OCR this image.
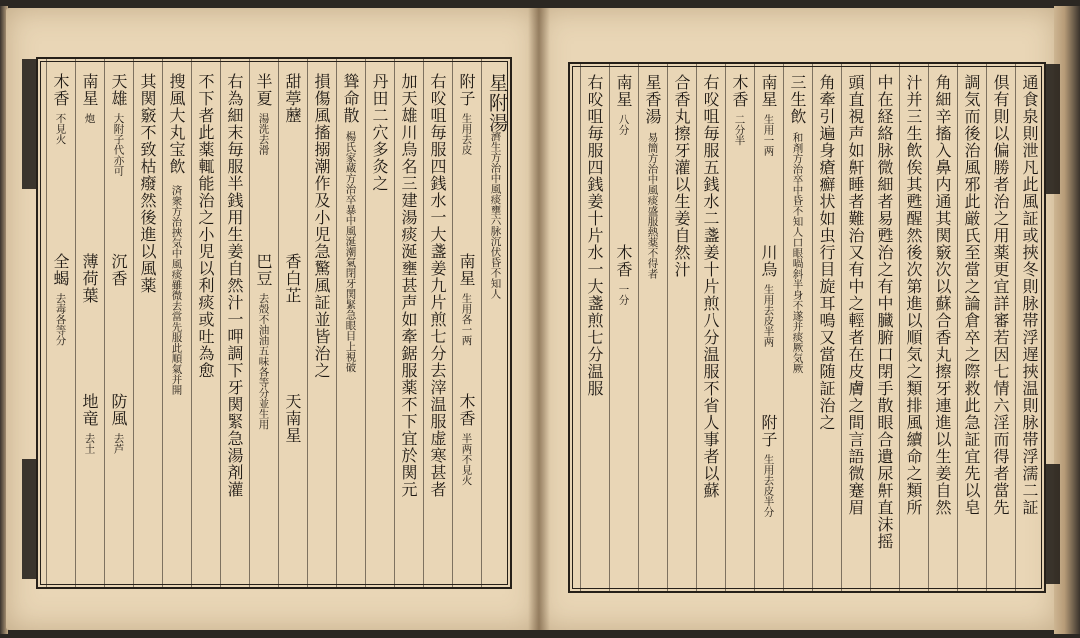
星附湯
濟生方治中風痰壅六脉沉伏昏不知人
附子
生用去皮
南星
生用各一两
木香
半两不見火
右㕮咀毎服四銭水一大盞姜九片煎七分去滓温服虚寒甚者
加天雄川烏名三建湯痰涎壅甚声如牽鋸服薬不下宜於関元
丹田二穴多灸之
聳命散
楊氏家蔵方治卒暴中風涎潮氣閉牙関緊急眼目上視破
損傷風搐搦潮作及小児急驚風証並皆治之
甜葶藶
香白芷
天南星
半夏
湯洗去滑
巴豆
去殻不油油五味各等分並生用
右為細末毎服半銭用生姜自然汁一呷調下牙関緊急湯剤灌
不下者此薬輒能治之小児以利痰或吐為愈
搜風大丸宝飲
済衆方治挾気中風痰雖微去當先服此順氣并開
其関竅不致枯癈然後進以風薬
天雄
大附子代亦可
沉香
防風
去芦
南星
炮
薄荷葉
地竜
去土
木香
不見火
全蝎
去毒各等分	通食泉則泄凡此風証或挾冬則脉帯浮遅挾温則脉帯浮濡二証
倶有則以偏勝者治之用薬更宜詳審若因七情六淫而得者當先
調気而後治風邪此厳氏至當之論倉卒之際救此急証宜先以皂
角細辛搐入鼻内通其関竅次以蘇合香丸擦牙連進以生姜自然
汁并三生飲俟其甦醒然後次第進以順気之類排風續命之類所
中在経絡脉微細者易甦治之有中臓腑口閉手散眼合遺尿鼾直沫摇
頭直視声如鼾睡者難治又有中之輕者在皮膚之間言語微蹇眉
角牽引遍身瘡癬状如虫行目旋耳鳴又當随証治之
三生飲
和剤方治卒中昏不知人口眼喎斜半身不遂并痰厥気厥
南星
生用一两
川烏
生用去皮半两
附子
生用去皮半分
木香
二分半
右㕮咀毎服五銭水二盞姜十片煎八分温服不省人事者以蘇
合香丸擦牙灌以生姜自然汁
星香湯
易簡方治中風痰盛服熱薬不得者
南星
八分
木香
一分
右㕮咀毎服四銭姜十片水一大盞煎七分温服
